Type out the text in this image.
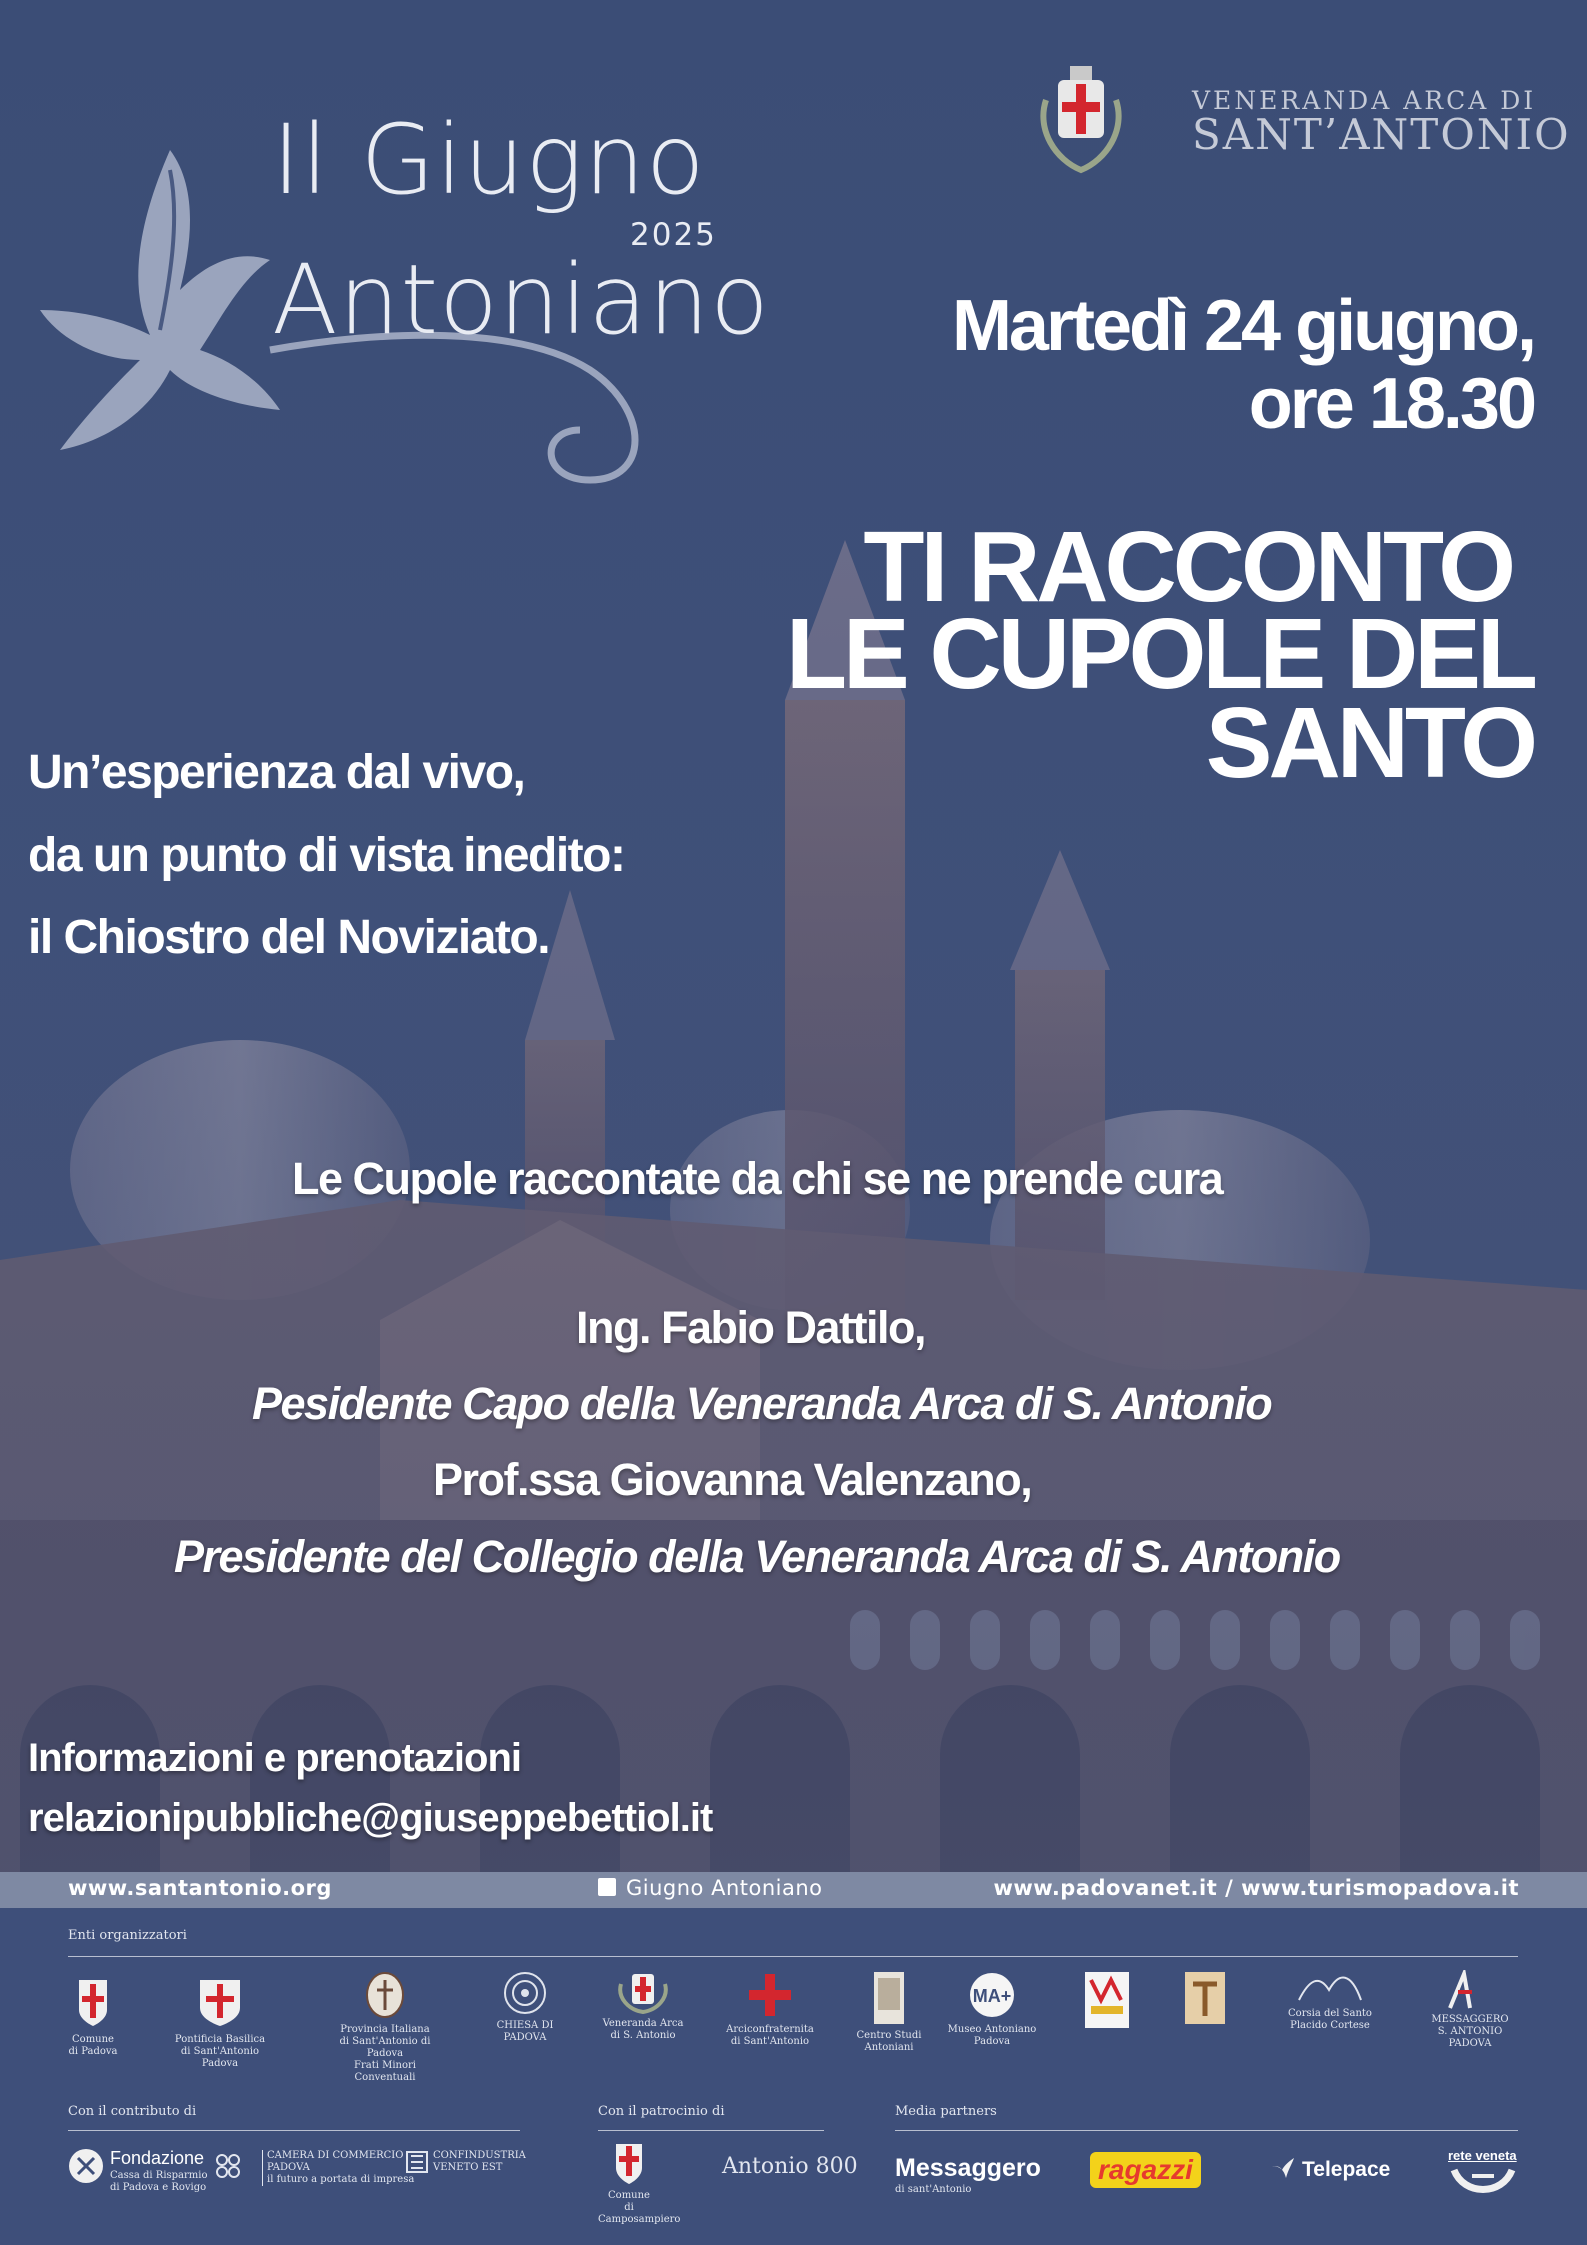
Il Giugno
Antoniano
2025
VENERANDA ARCA DI
SANT’ANTONIO
Martedì 24 giugno,
ore 18.30
TI RACCONTO
LE CUPOLE DEL
SANTO
Un’esperienza dal vivo,
da un punto di vista inedito:
il Chiostro del Noviziato.
Le Cupole raccontate da chi se ne prende cura
Ing. Fabio Dattilo,
Pesidente Capo della Veneranda Arca di S. Antonio
Prof.ssa Giovanna Valenzano,
Presidente del Collegio della Veneranda Arca di S. Antonio
Informazioni e prenotazioni
relazionipubbliche@giuseppebettiol.it
www.santantonio.org	Giugno Antoniano	www.padovanet.it / www.turismopadova.it
Enti organizzatori
Comune
di Padova
Pontificia Basilica
di Sant'Antonio Padova
Provincia Italiana
di Sant'Antonio di Padova
Frati Minori Conventuali
CHIESA DI
PADOVA
Veneranda Arca
di S. Antonio
Arciconfraternita
di Sant'Antonio
Centro Studi
Antoniani
MA+
Museo Antoniano
Padova
Corsia del Santo
Placido Cortese
MESSAGGERO
S. ANTONIO
PADOVA
Con il contributo di
Fondazione
Cassa di Risparmio
di Padova e Rovigo
CAMERA DI COMMERCIO
PADOVA
il futuro a portata di impresa
CONFINDUSTRIA
VENETO EST
Con il patrocinio di
Comune
di Camposampiero
Antonio 800
Media partners
Messaggero
di sant'Antonio
ragazzi	Telepace
rete veneta
